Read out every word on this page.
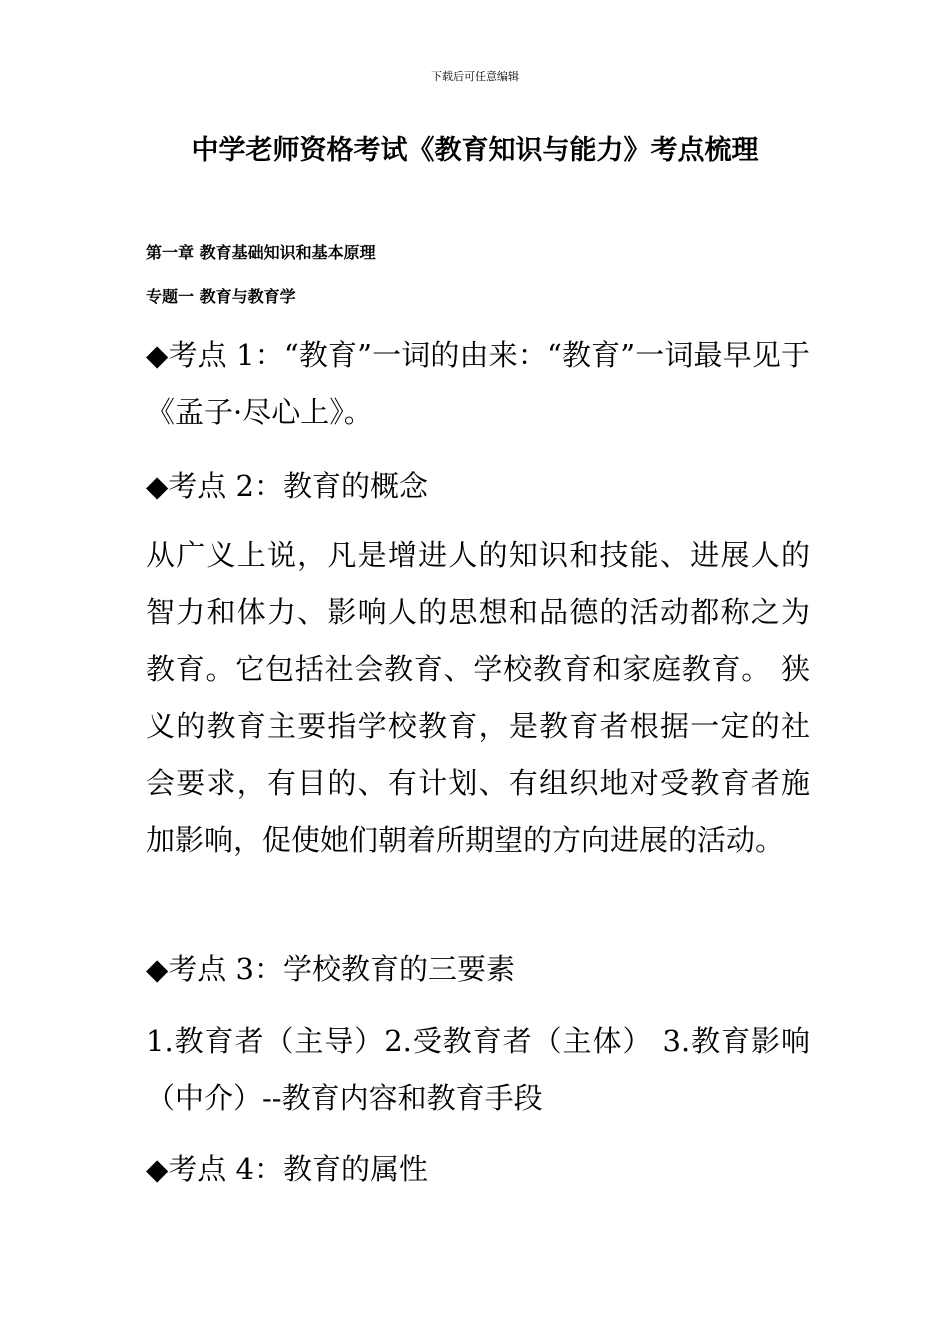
下载后可任意编辑
中学老师资格考试《教育知识与能力》考点梳理
第一章 教育基础知识和基本原理
专题一 教育与教育学

◆考点 1：“教育”一词的由来：“教育”一词最早见于《孟子·尽心上》。

◆考点 2：教育的概念

从广义上说，凡是增进人的知识和技能、进展人的智力和体力、影响人的思想和品德的活动都称之为教育。它包括社会教育、学校教育和家庭教育。 狭义的教育主要指学校教育，是教育者根据一定的社会要求，有目的、有计划、有组织地对受教育者施加影响，促使她们朝着所期望的方向进展的活动。

◆考点 3：学校教育的三要素

1.教育者（主导）2.受教育者（主体） 3.教育影响（中介）--教育内容和教育手段

◆考点 4：教育的属性
